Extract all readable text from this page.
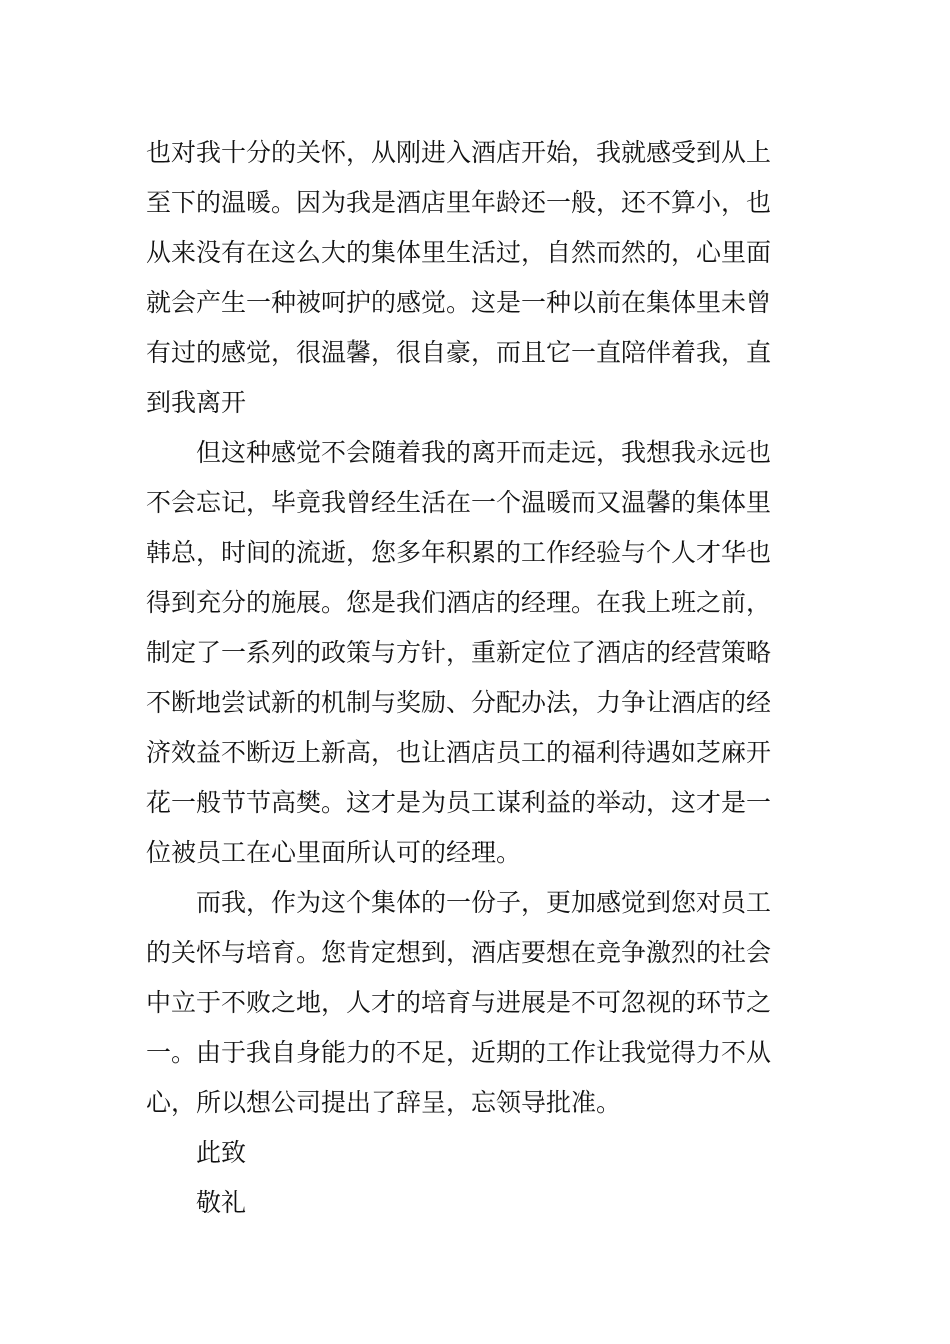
也对我十分的关怀，从刚进入酒店开始，我就感受到从上
至下的温暖。因为我是酒店里年龄还一般，还不算小，也
从来没有在这么大的集体里生活过，自然而然的，心里面
就会产生一种被呵护的感觉。这是一种以前在集体里未曾
有过的感觉，很温馨，很自豪，而且它一直陪伴着我，直
到我离开
但这种感觉不会随着我的离开而走远，我想我永远也
不会忘记，毕竟我曾经生活在一个温暖而又温馨的集体里
韩总，时间的流逝，您多年积累的工作经验与个人才华也
得到充分的施展。您是我们酒店的经理。在我上班之前，
制定了一系列的政策与方针，重新定位了酒店的经营策略
不断地尝试新的机制与奖励、分配办法，力争让酒店的经
济效益不断迈上新高，也让酒店员工的福利待遇如芝麻开
花一般节节高樊。这才是为员工谋利益的举动，这才是一
位被员工在心里面所认可的经理。
而我，作为这个集体的一份子，更加感觉到您对员工
的关怀与培育。您肯定想到，酒店要想在竞争激烈的社会
中立于不败之地，人才的培育与进展是不可忽视的环节之
一。由于我自身能力的不足，近期的工作让我觉得力不从
心，所以想公司提出了辞呈，忘领导批准。
此致
敬礼
